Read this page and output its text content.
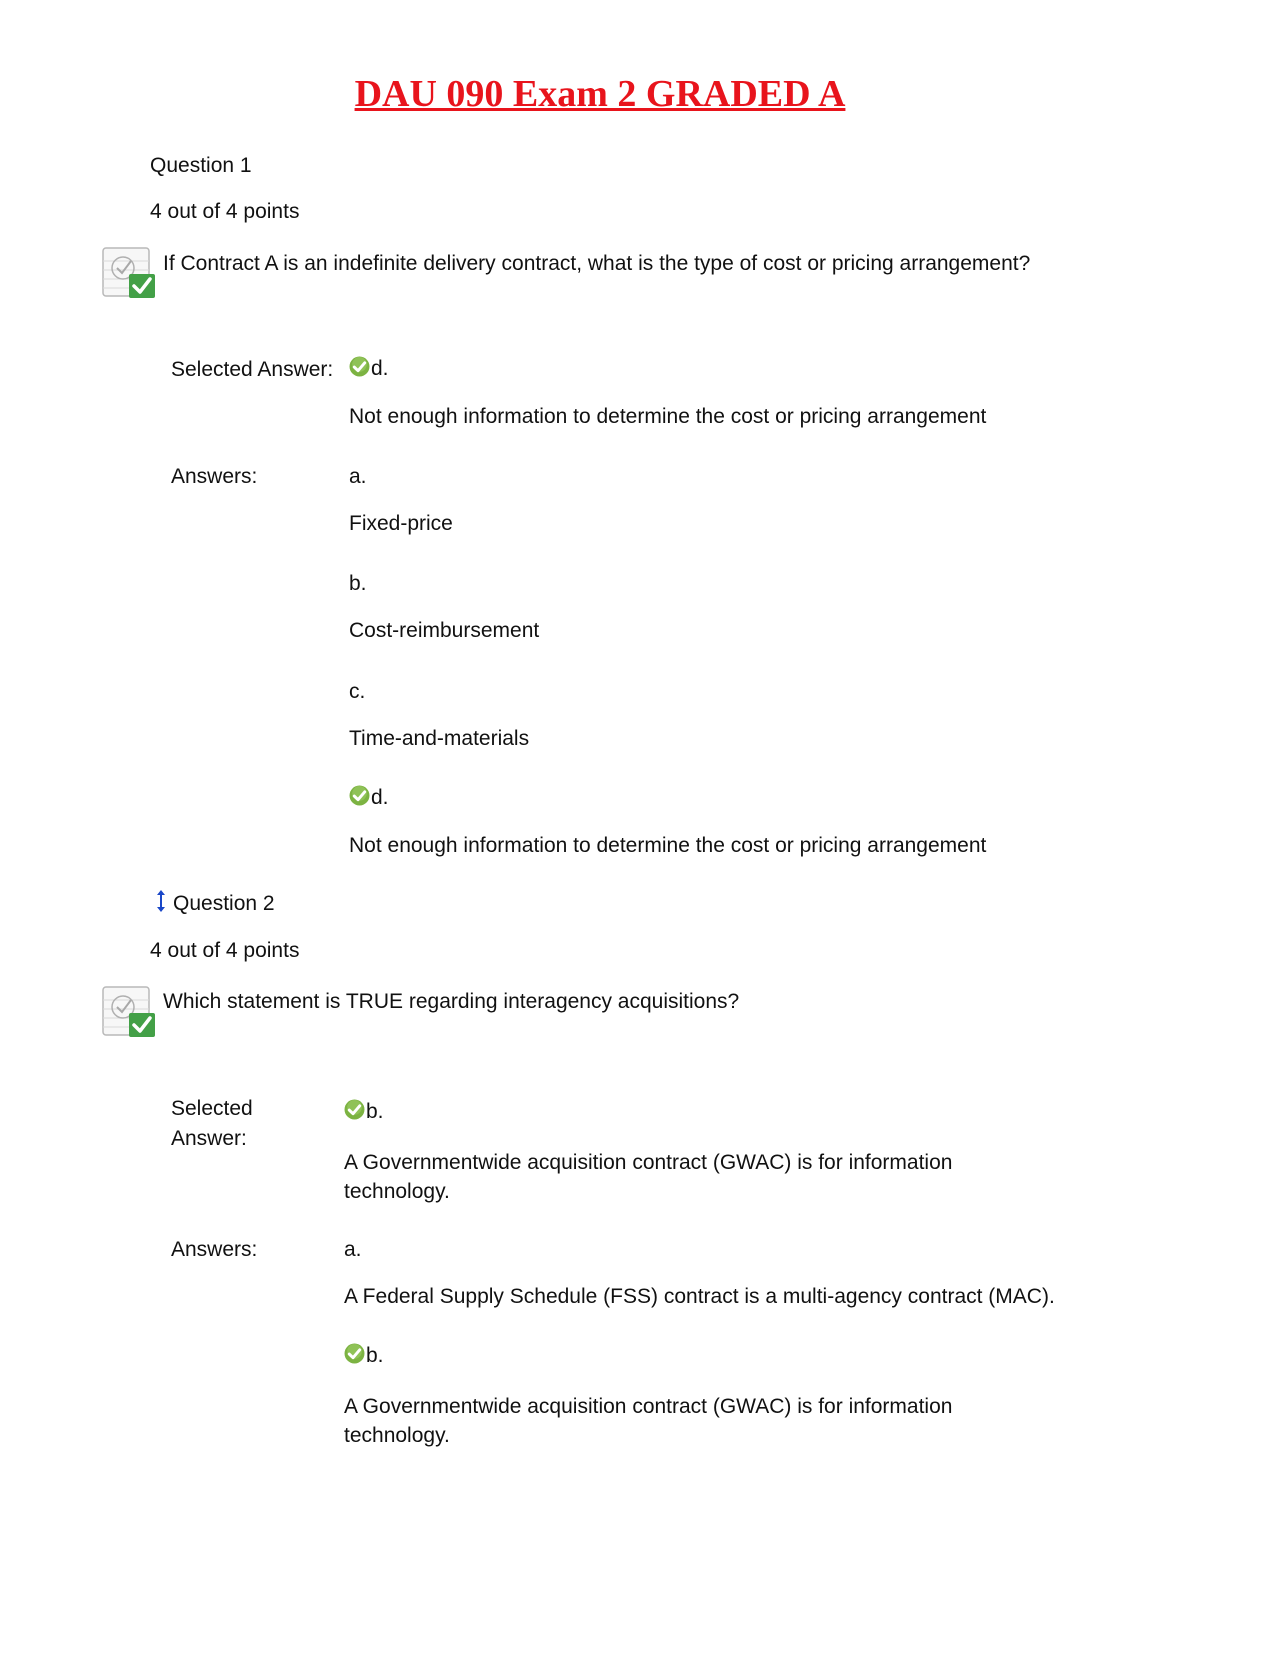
DAU 090 Exam 2 GRADED A
Question 1
4 out of 4 points
If Contract A is an indefinite delivery contract, what is the type of cost or pricing arrangement?
Selected Answer:	d.
Not enough information to determine the cost or pricing arrangement
Answers:	a.
Fixed-price
b.
Cost-reimbursement
c.
Time-and-materials
d.
Not enough information to determine the cost or pricing arrangement
Question 2
4 out of 4 points
Which statement is TRUE regarding interagency acquisitions?
Selected
Answer:
b.
A Governmentwide acquisition contract (GWAC) is for information technology.
Answers:	a.
A Federal Supply Schedule (FSS) contract is a multi-agency contract (MAC).
b.
A Governmentwide acquisition contract (GWAC) is for information technology.
